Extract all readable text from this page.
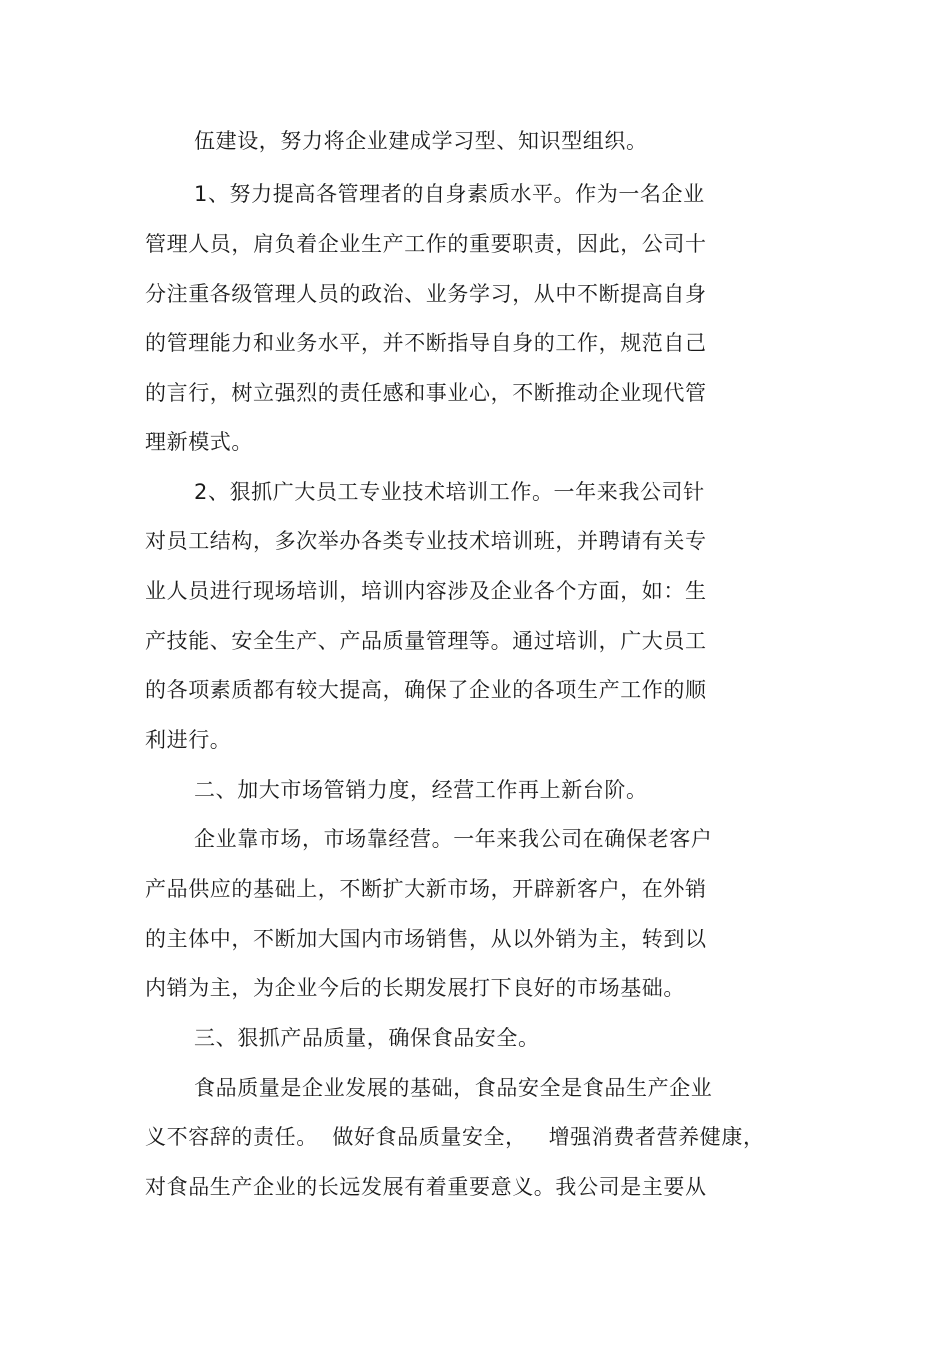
伍建设，努力将企业建成学习型、知识型组织。
1、努力提高各管理者的自身素质水平。作为一名企业
管理人员，肩负着企业生产工作的重要职责，因此，公司十
分注重各级管理人员的政治、业务学习，从中不断提高自身
的管理能力和业务水平，并不断指导自身的工作，规范自己
的言行，树立强烈的责任感和事业心，不断推动企业现代管
理新模式。
2、狠抓广大员工专业技术培训工作。一年来我公司针
对员工结构，多次举办各类专业技术培训班，并聘请有关专
业人员进行现场培训，培训内容涉及企业各个方面，如：生
产技能、安全生产、产品质量管理等。通过培训，广大员工
的各项素质都有较大提高，确保了企业的各项生产工作的顺
利进行。
二、加大市场管销力度，经营工作再上新台阶。
企业靠市场，市场靠经营。一年来我公司在确保老客户
产品供应的基础上，不断扩大新市场，开辟新客户，在外销
的主体中，不断加大国内市场销售，从以外销为主，转到以
内销为主，为企业今后的长期发展打下良好的市场基础。
三、狠抓产品质量，确保食品安全。
食品质量是企业发展的基础，食品安全是食品生产企业
义不容辞的责任。  做好食品质量安全，   增强消费者营养健康，
对食品生产企业的长远发展有着重要意义。我公司是主要从
